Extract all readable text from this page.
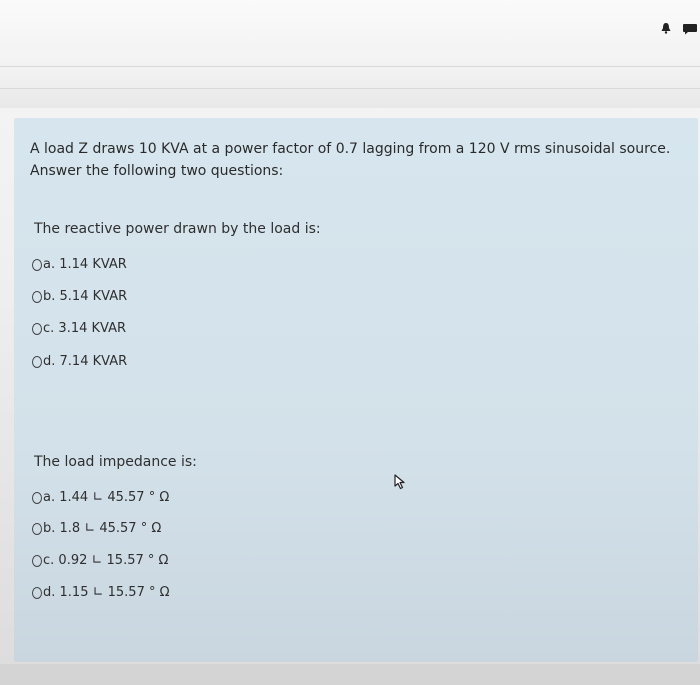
A load Z draws 10 KVA at a power factor of 0.7 lagging from a 120 V rms sinusoidal source.
Answer the following two questions:
The reactive power drawn by the load is:
a.
1.14 KVAR
b.
5.14 KVAR
c.
3.14 KVAR
d.
7.14 KVAR
The load impedance is:
a.
1.44 ∟ 45.57 ° Ω
b.
1.8 ∟ 45.57 ° Ω
c.
0.92 ∟ 15.57 ° Ω
d.
1.15 ∟ 15.57 ° Ω
